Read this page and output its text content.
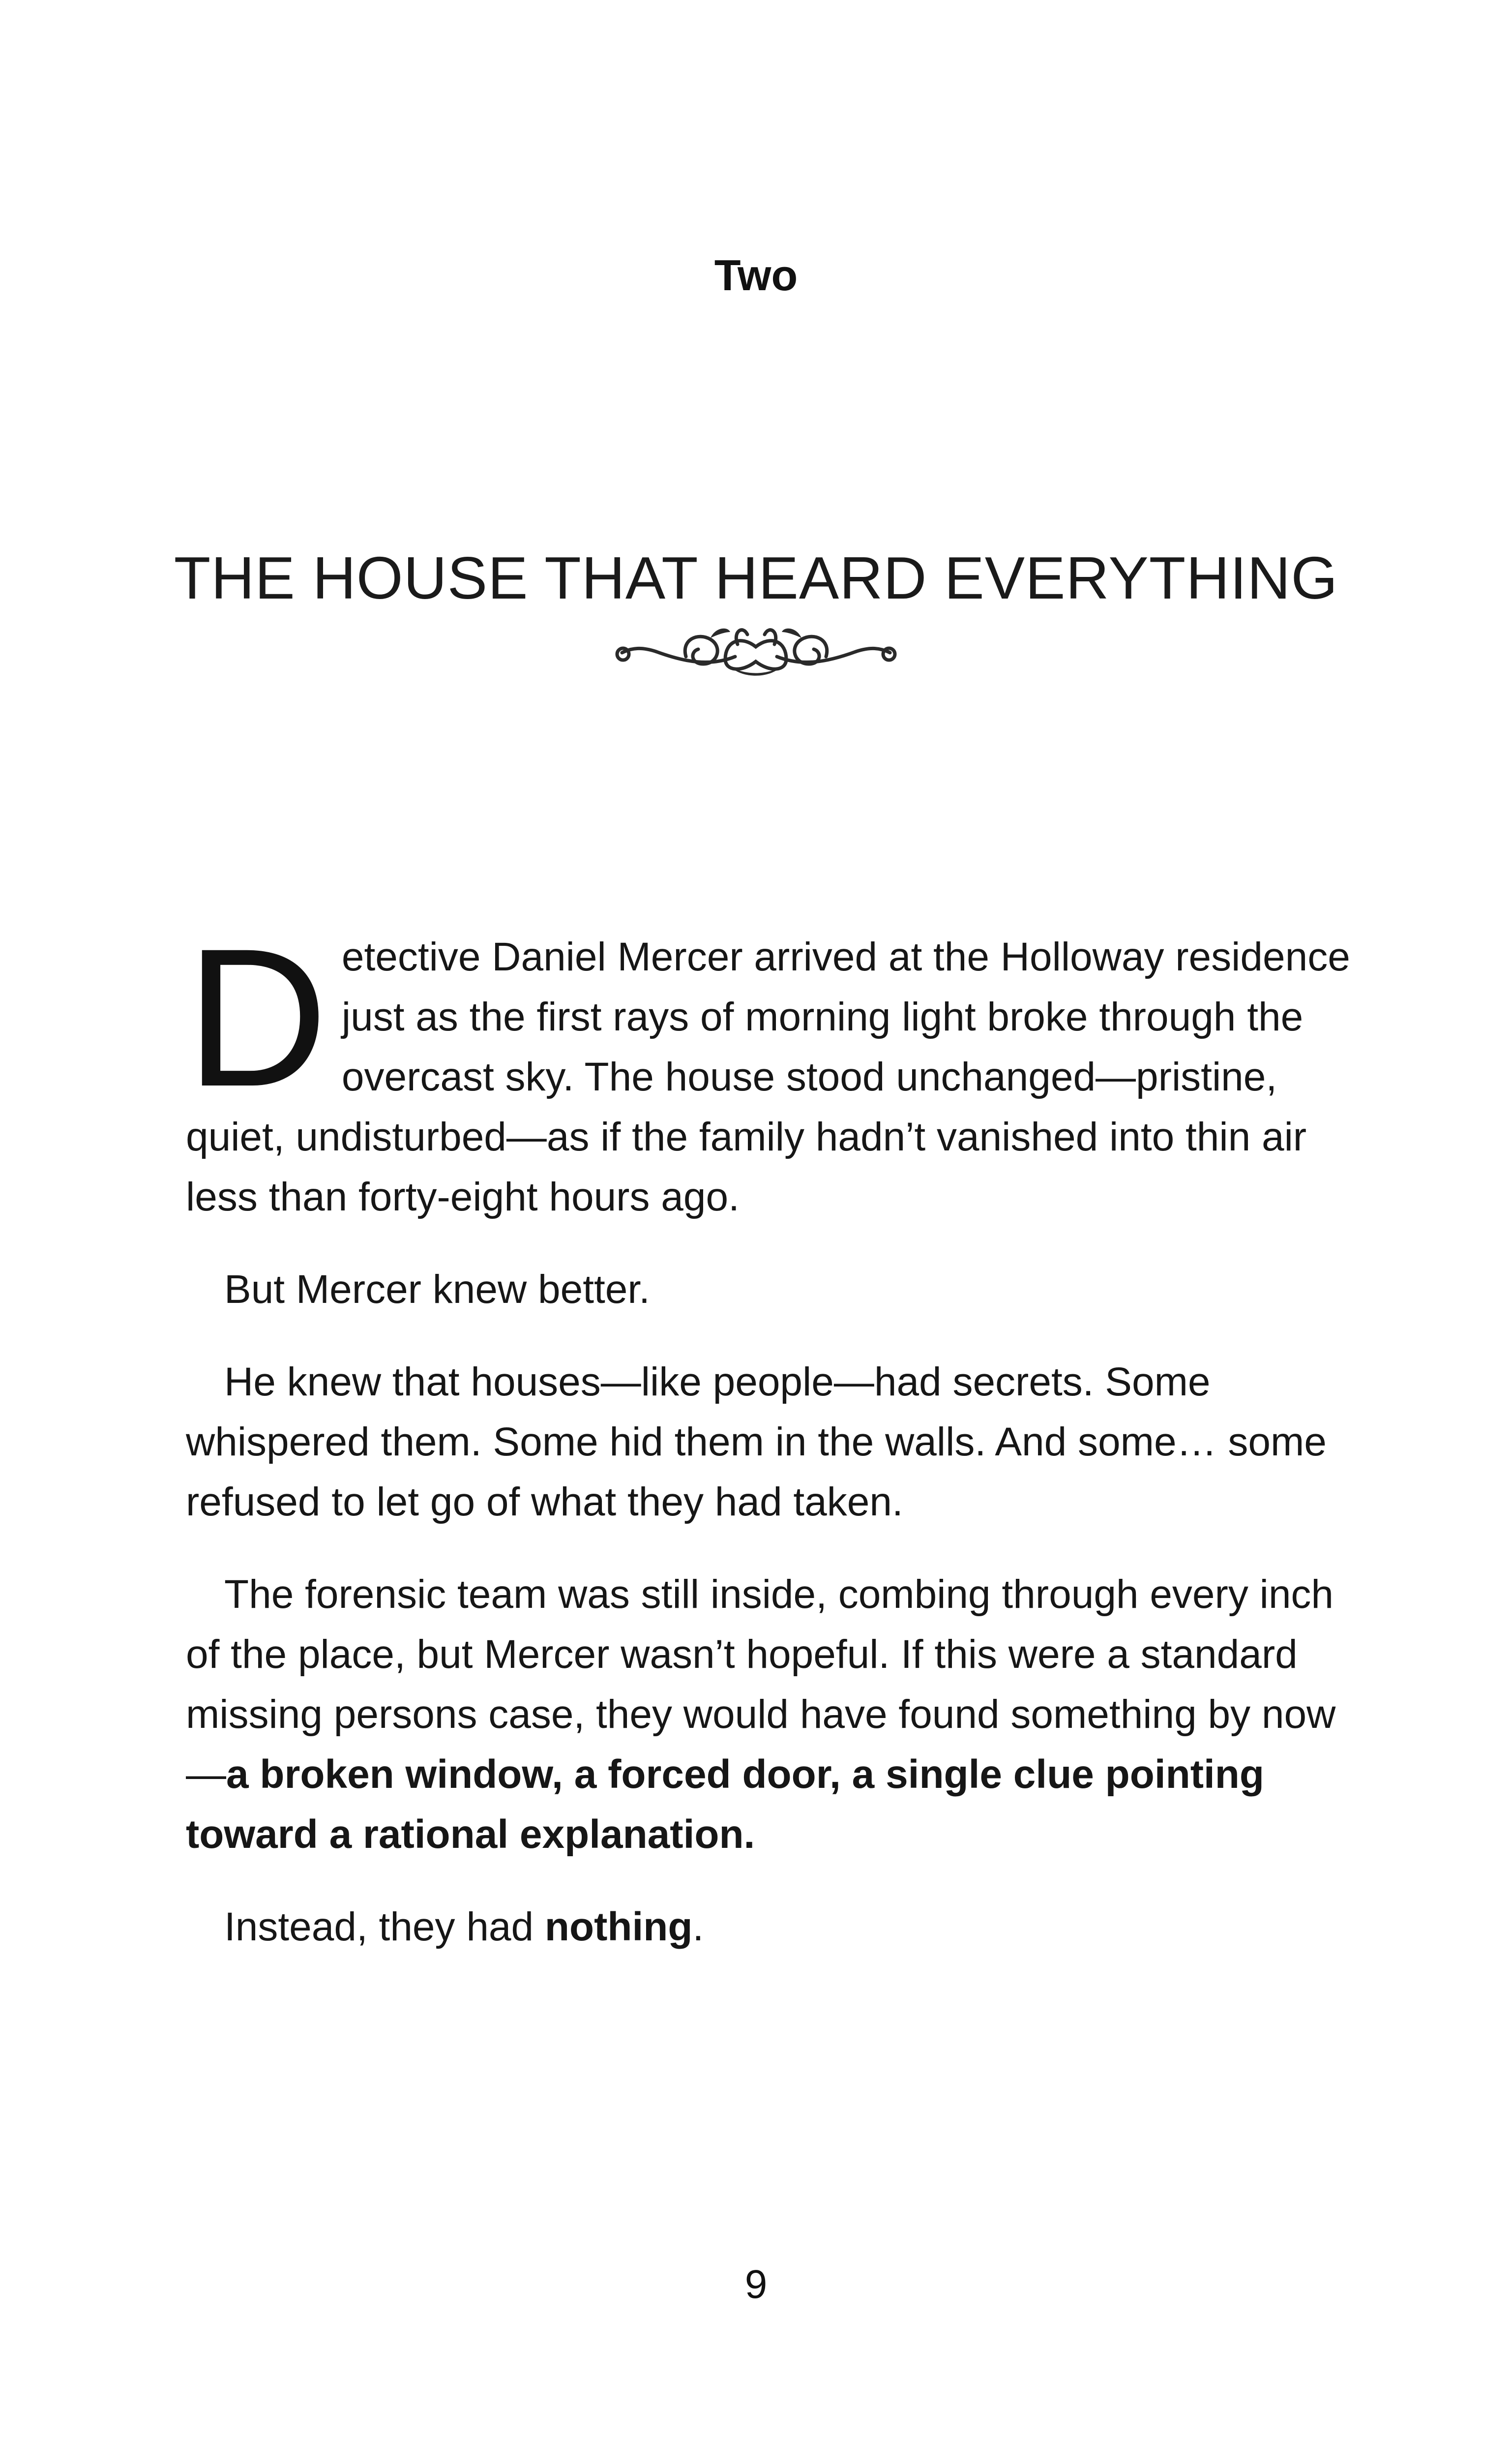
Two
THE HOUSE THAT HEARD EVERYTHING

Detective Daniel Mercer arrived at the Holloway residence just as the first rays of morning light broke through the overcast sky. The house stood unchanged—pristine, quiet, undisturbed—as if the family hadn’t vanished into thin air less than forty-eight hours ago.

But Mercer knew better.

He knew that houses—like people—had secrets. Some whispered them. Some hid them in the walls. And some… some refused to let go of what they had taken.

The forensic team was still inside, combing through every inch of the place, but Mercer wasn’t hopeful. If this were a standard missing persons case, they would have found something by now—a broken window, a forced door, a single clue pointing toward a rational explanation.

Instead, they had nothing.

9
